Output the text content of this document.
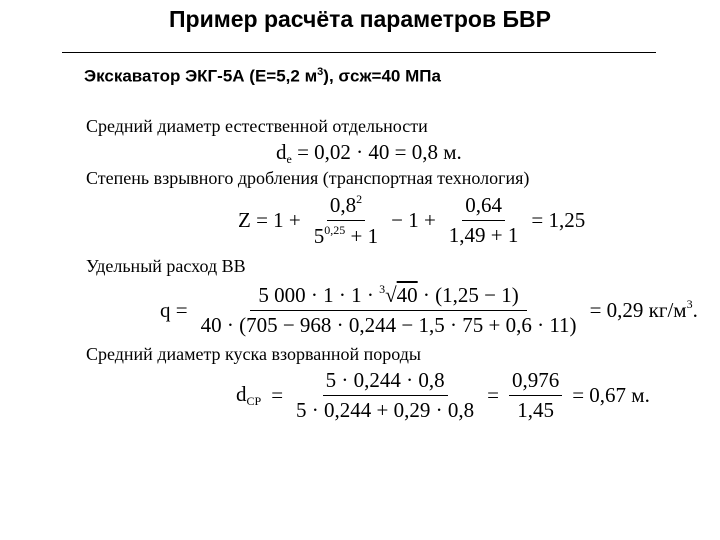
Пример расчёта параметров БВР
Экскаватор ЭКГ-5А (Е=5,2 $м^3$), σсж=40 МПа
Средний диаметр естественной отдельности
$d_e = 0,02 \cdot 40 = 0,8$ м.
Степень взрывного дробления (транспортная технология)
$Z = 1 + \frac{0,8^2}{5^{0,25} + 1} - 1 + \frac{0,64}{1,49 + 1} = 1,25$
Удельный расход ВВ
$q = \frac{5 000 \cdot 1 \cdot 1 \cdot ^3√40 \cdot (1,25 - 1)}{40 \cdot (705 - 968 \cdot 0,244 - 1,5 \cdot 75 + 0,6 \cdot 11)} = 0,29$ $кг/м^3$.
Средний диаметр куска взорванной породы
$d_{CP} = \frac{5 \cdot 0,244 \cdot 0,8}{5 \cdot 0,244 + 0,29 \cdot 0,8} = \frac{0,976}{1,45} = 0,67$ м.
